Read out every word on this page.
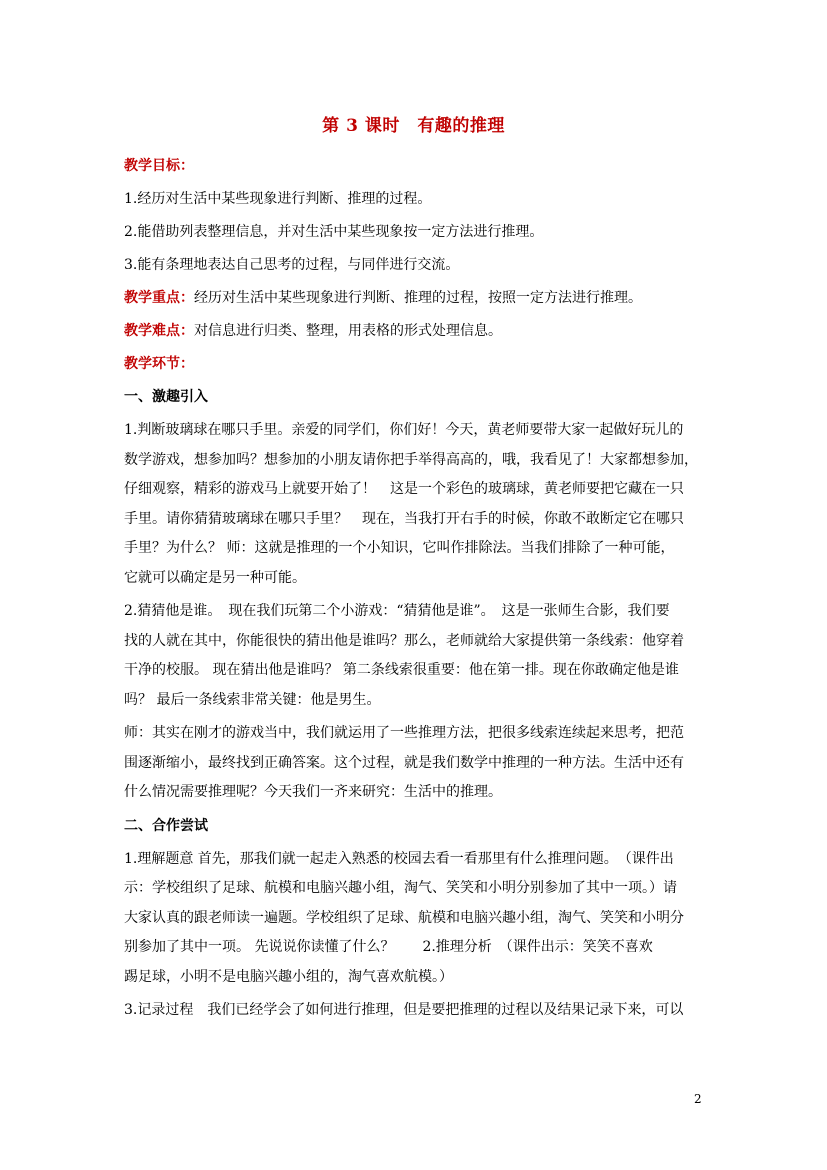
第 3 课时　有趣的推理
教学目标：
1.经历对生活中某些现象进行判断、推理的过程。
2.能借助列表整理信息，并对生活中某些现象按一定方法进行推理。
3.能有条理地表达自己思考的过程，与同伴进行交流。
教学重点：经历对生活中某些现象进行判断、推理的过程，按照一定方法进行推理。
教学难点：对信息进行归类、整理，用表格的形式处理信息。
教学环节：
一、激趣引入
1.判断玻璃球在哪只手里。亲爱的同学们，你们好！今天，黄老师要带大家一起做好玩儿的
数学游戏，想参加吗？想参加的小朋友请你把手举得高高的，哦，我看见了！大家都想参加，
仔细观察，精彩的游戏马上就要开始了！　这是一个彩色的玻璃球，黄老师要把它藏在一只
手里。请你猜猜玻璃球在哪只手里？　现在，当我打开右手的时候，你敢不敢断定它在哪只
手里？为什么？ 师：这就是推理的一个小知识，它叫作排除法。当我们排除了一种可能，
它就可以确定是另一种可能。
2.猜猜他是谁。　现在我们玩第二个小游戏：“猜猜他是谁”。　这是一张师生合影，我们要
找的人就在其中，你能很快的猜出他是谁吗？那么，老师就给大家提供第一条线索：他穿着
干净的校服。 现在猜出他是谁吗？ 第二条线索很重要：他在第一排。现在你敢确定他是谁
吗？ 最后一条线索非常关键：他是男生。
师：其实在刚才的游戏当中，我们就运用了一些推理方法，把很多线索连续起来思考，把范
围逐渐缩小，最终找到正确答案。这个过程，就是我们数学中推理的一种方法。生活中还有
什么情况需要推理呢？今天我们一齐来研究：生活中的推理。
二、合作尝试
1.理解题意 首先，那我们就一起走入熟悉的校园去看一看那里有什么推理问题。　（课件出
示：学校组织了足球、航模和电脑兴趣小组，淘气、笑笑和小明分别参加了其中一项。）请
大家认真的跟老师读一遍题。学校组织了足球、航模和电脑兴趣小组，淘气、笑笑和小明分
别参加了其中一项。 先说说你读懂了什么？　　2.推理分析　（课件出示：笑笑不喜欢
踢足球，小明不是电脑兴趣小组的，淘气喜欢航模。）
3.记录过程　我们已经学会了如何进行推理，但是要把推理的过程以及结果记录下来，可以
2
